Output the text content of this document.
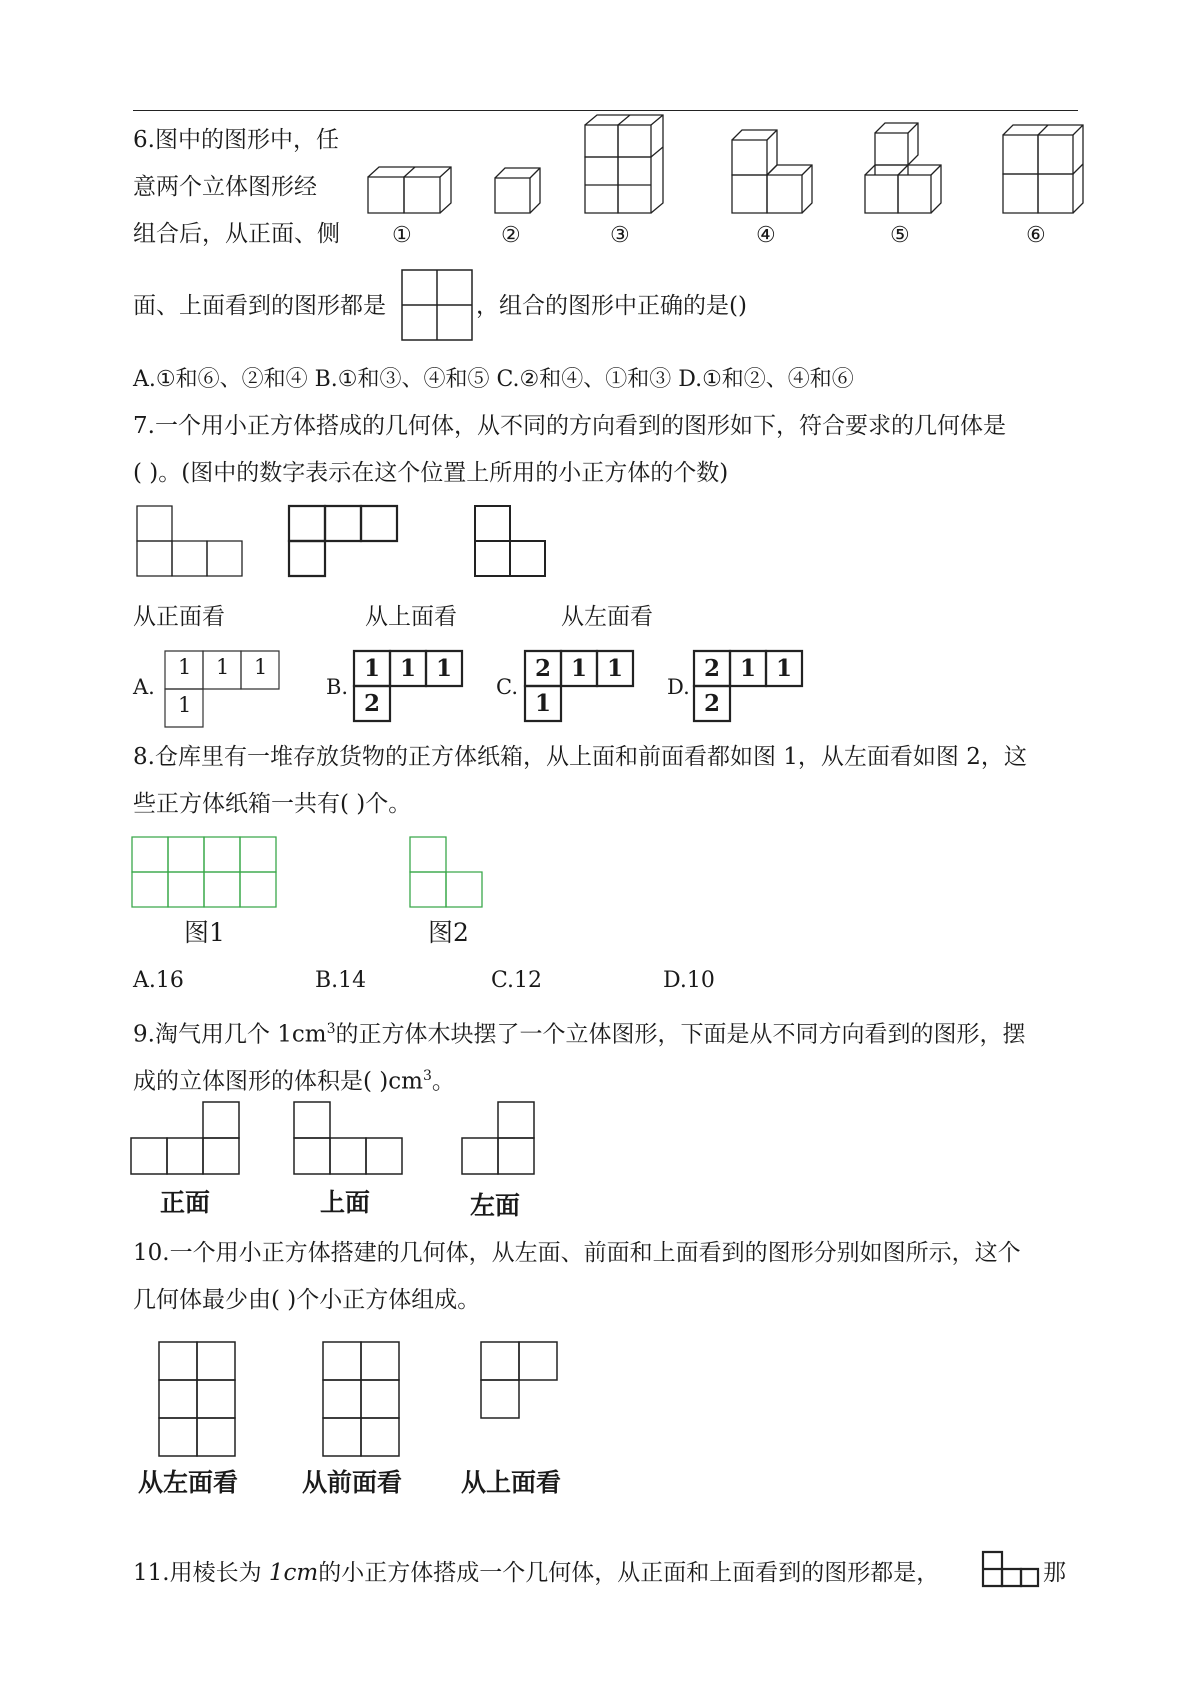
6.图中的图形中，任
意两个立体图形经
组合后，从正面、侧 ①	②	③	④	⑤	⑥
面、上面看到的图形都是	，组合的图形中正确的是()
A.①和⑥、②和④ B.①和③、④和⑤ C.②和④、①和③ D.①和②、④和⑥
7.一个用小正方体搭成的几何体，从不同的方向看到的图形如下，符合要求的几何体是
( )。(图中的数字表示在这个位置上所用的小正方体的个数)
从正面看	从上面看	从左面看
A.
1 1 1
1
B.
1 1 1
2
C.
2 1 1
1
D.
2 1 1
2
8.仓库里有一堆存放货物的正方体纸箱，从上面和前面看都如图 1，从左面看如图 2，这
些正方体纸箱一共有( )个。
图1	图2
A.16	B.14	C.12	D.10
9.淘气用几个 $1cm^3$的正方体木块摆了一个立体图形，下面是从不同方向看到的图形，摆
成的立体图形的体积是( )$cm^3$。
正面	上面	左面
10.一个用小正方体搭建的几何体，从左面、前面和上面看到的图形分别如图所示，这个
几何体最少由( )个小正方体组成。
从左面看	从前面看 从上面看
11.用棱长为 1cm的小正方体搭成一个几何体，从正面和上面看到的图形都是，	那
